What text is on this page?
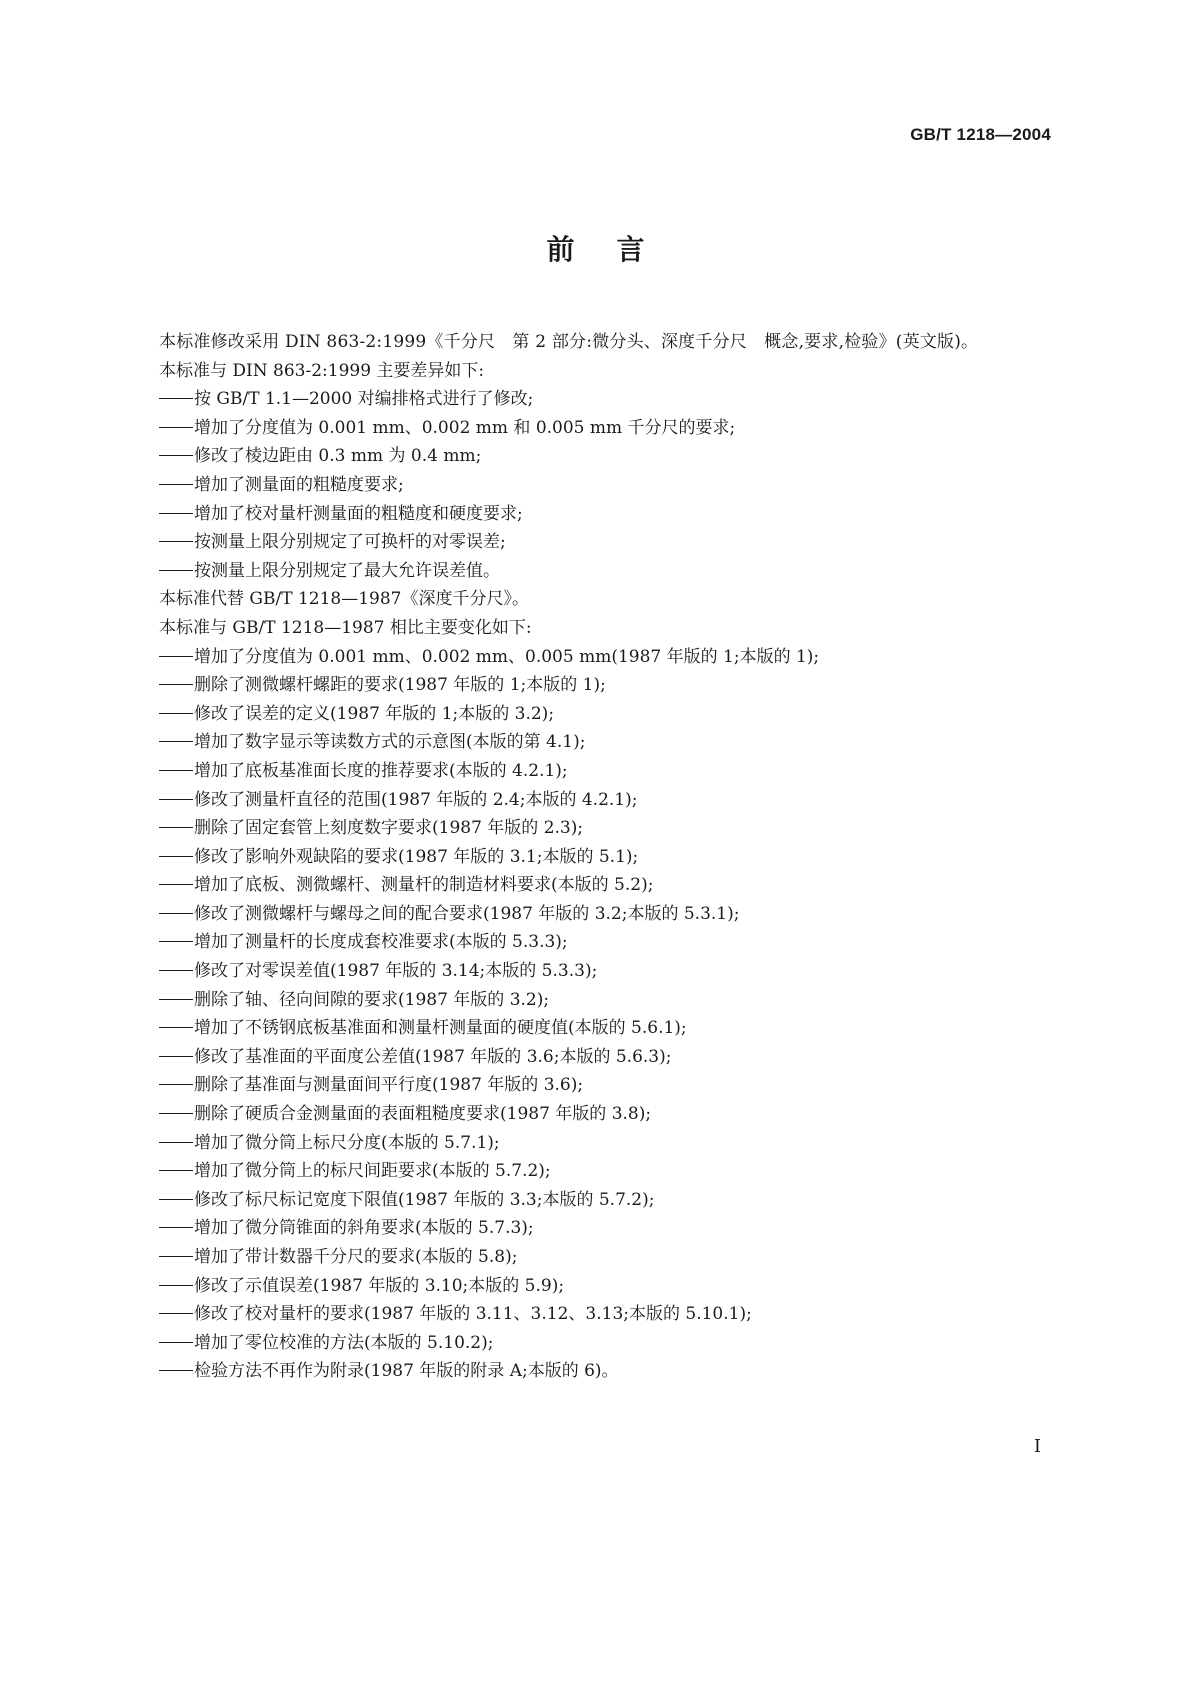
GB/T 1218—2004
前言

本标准修改采用 DIN 863-2:1999《千分尺　第 2 部分:微分头、深度千分尺　概念,要求,检验》(英文版)。

本标准与 DIN 863-2:1999 主要差异如下:

按 GB/T 1.1—2000 对编排格式进行了修改;

增加了分度值为 0.001 mm、0.002 mm 和 0.005 mm 千分尺的要求;

修改了棱边距由 0.3 mm 为 0.4 mm;

增加了测量面的粗糙度要求;

增加了校对量杆测量面的粗糙度和硬度要求;

按测量上限分别规定了可换杆的对零误差;

按测量上限分别规定了最大允许误差值。

本标准代替 GB/T 1218—1987《深度千分尺》。

本标准与 GB/T 1218—1987 相比主要变化如下:

增加了分度值为 0.001 mm、0.002 mm、0.005 mm(1987 年版的 1;本版的 1);

删除了测微螺杆螺距的要求(1987 年版的 1;本版的 1);

修改了误差的定义(1987 年版的 1;本版的 3.2);

增加了数字显示等读数方式的示意图(本版的第 4.1);

增加了底板基准面长度的推荐要求(本版的 4.2.1);

修改了测量杆直径的范围(1987 年版的 2.4;本版的 4.2.1);

删除了固定套管上刻度数字要求(1987 年版的 2.3);

修改了影响外观缺陷的要求(1987 年版的 3.1;本版的 5.1);

增加了底板、测微螺杆、测量杆的制造材料要求(本版的 5.2);

修改了测微螺杆与螺母之间的配合要求(1987 年版的 3.2;本版的 5.3.1);

增加了测量杆的长度成套校准要求(本版的 5.3.3);

修改了对零误差值(1987 年版的 3.14;本版的 5.3.3);

删除了轴、径向间隙的要求(1987 年版的 3.2);

增加了不锈钢底板基准面和测量杆测量面的硬度值(本版的 5.6.1);

修改了基准面的平面度公差值(1987 年版的 3.6;本版的 5.6.3);

删除了基准面与测量面间平行度(1987 年版的 3.6);

删除了硬质合金测量面的表面粗糙度要求(1987 年版的 3.8);

增加了微分筒上标尺分度(本版的 5.7.1);

增加了微分筒上的标尺间距要求(本版的 5.7.2);

修改了标尺标记宽度下限值(1987 年版的 3.3;本版的 5.7.2);

增加了微分筒锥面的斜角要求(本版的 5.7.3);

增加了带计数器千分尺的要求(本版的 5.8);

修改了示值误差(1987 年版的 3.10;本版的 5.9);

修改了校对量杆的要求(1987 年版的 3.11、3.12、3.13;本版的 5.10.1);

增加了零位校准的方法(本版的 5.10.2);

检验方法不再作为附录(1987 年版的附录 A;本版的 6)。

I
